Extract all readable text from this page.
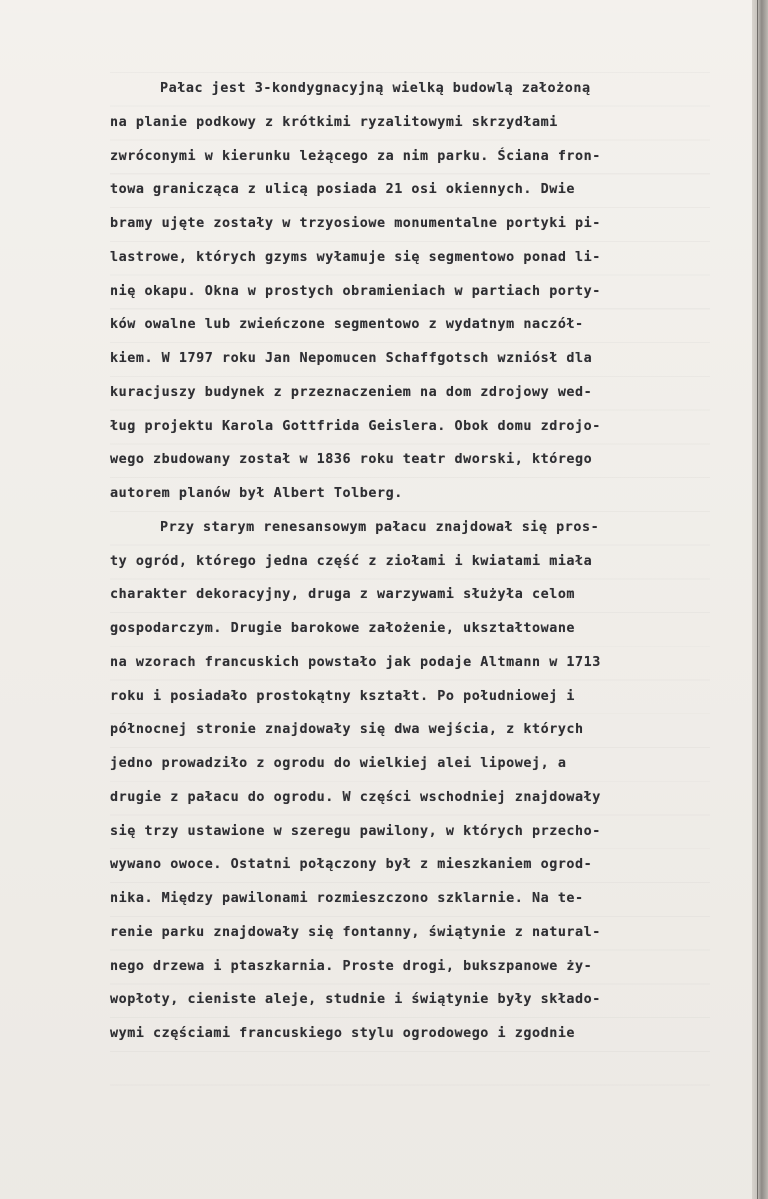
Pałac jest 3-kondygnacyjną wielką budowlą założoną
na planie podkowy z krótkimi ryzalitowymi skrzydłami
zwróconymi w kierunku leżącego za nim parku. Ściana fron-
towa granicząca z ulicą posiada 21 osi okiennych. Dwie
bramy ujęte zostały w trzyosiowe monumentalne portyki pi-
lastrowe, których gzyms wyłamuje się segmentowo ponad li-
nię okapu. Okna w prostych obramieniach w partiach porty-
ków owalne lub zwieńczone segmentowo z wydatnym naczół-
kiem. W 1797 roku Jan Nepomucen Schaffgotsch wzniósł dla
kuracjuszy budynek z przeznaczeniem na dom zdrojowy wed-
ług projektu Karola Gottfrida Geislera. Obok domu zdrojo-
wego zbudowany został w 1836 roku teatr dworski, którego
autorem planów był Albert Tolberg.
Przy starym renesansowym pałacu znajdował się pros-
ty ogród, którego jedna część z ziołami i kwiatami miała
charakter dekoracyjny, druga z warzywami służyła celom
gospodarczym. Drugie barokowe założenie, ukształtowane
na wzorach francuskich powstało jak podaje Altmann w 1713
roku i posiadało prostokątny kształt. Po południowej i
północnej stronie znajdowały się dwa wejścia, z których
jedno prowadziło z ogrodu do wielkiej alei lipowej, a
drugie z pałacu do ogrodu. W części wschodniej znajdowały
się trzy ustawione w szeregu pawilony, w których przecho-
wywano owoce. Ostatni połączony był z mieszkaniem ogrod-
nika. Między pawilonami rozmieszczono szklarnie. Na te-
renie parku znajdowały się fontanny, świątynie z natural-
nego drzewa i ptaszkarnia. Proste drogi, bukszpanowe ży-
wopłoty, cieniste aleje, studnie i świątynie były składo-
wymi częściami francuskiego stylu ogrodowego i zgodnie
